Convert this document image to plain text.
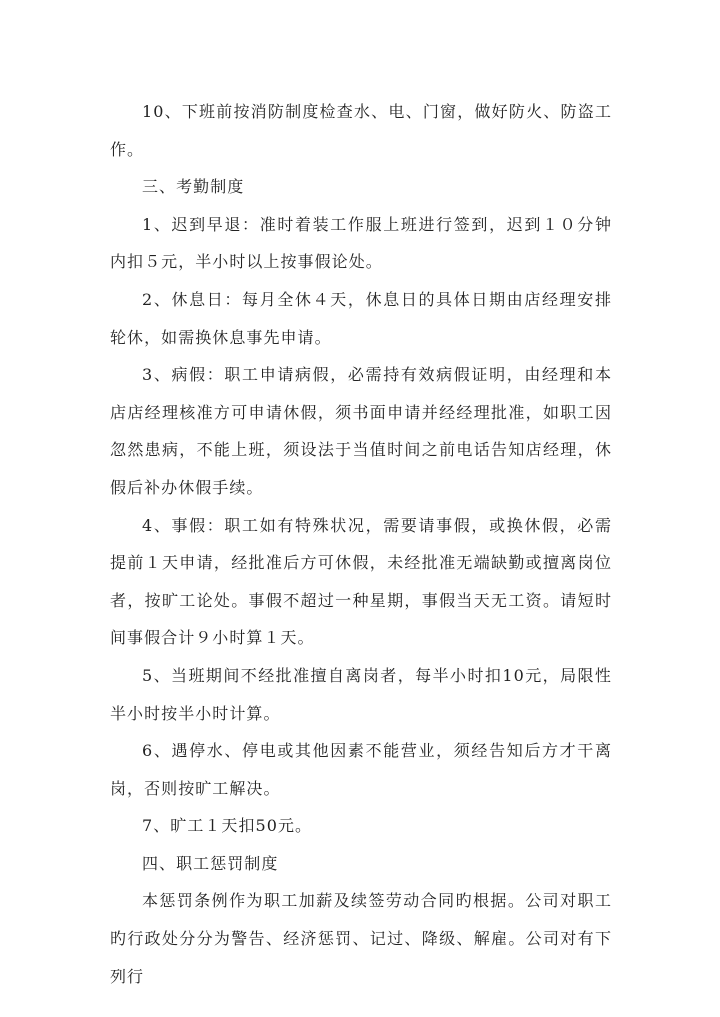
10、下班前按消防制度检查水、电、门窗，做好防火、防盗工作。

三、考勤制度

1、迟到早退：准时着装工作服上班进行签到，迟到１０分钟内扣５元，半小时以上按事假论处。

2、休息日：每月全休４天，休息日的具体日期由店经理安排轮休，如需换休息事先申请。

3、病假：职工申请病假，必需持有效病假证明，由经理和本店店经理核准方可申请休假，须书面申请并经经理批准，如职工因忽然患病，不能上班，须设法于当值时间之前电话告知店经理，休假后补办休假手续。

4、事假：职工如有特殊状况，需要请事假，或换休假，必需提前１天申请，经批准后方可休假，未经批准无端缺勤或擅离岗位者，按旷工论处。事假不超过一种星期，事假当天无工资。请短时间事假合计９小时算１天。

5、当班期间不经批准擅自离岗者，每半小时扣10元，局限性半小时按半小时计算。

6、遇停水、停电或其他因素不能营业，须经告知后方才干离岗，否则按旷工解决。

7、旷工１天扣50元。

四、职工惩罚制度

本惩罚条例作为职工加薪及续签劳动合同旳根据。公司对职工旳行政处分分为警告、经济惩罚、记过、降级、解雇。公司对有下列行
